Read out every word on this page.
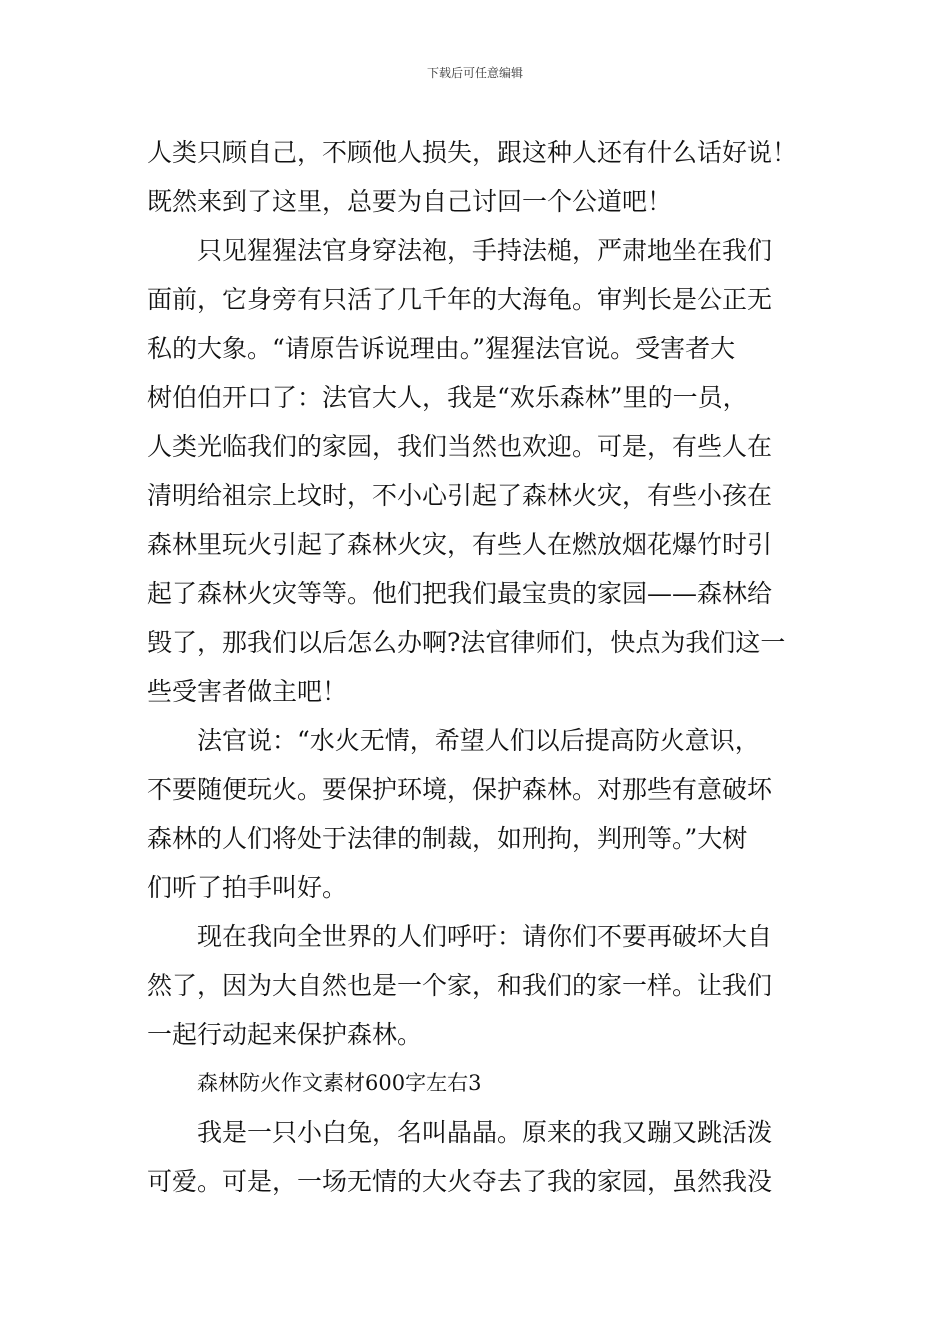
下载后可任意编辑
人类只顾自己，不顾他人损失，跟这种人还有什么话好说！
既然来到了这里，总要为自己讨回一个公道吧！
只见猩猩法官身穿法袍，手持法槌，严肃地坐在我们
面前，它身旁有只活了几千年的大海龟。审判长是公正无
私的大象。“请原告诉说理由。”猩猩法官说。受害者大
树伯伯开口了：法官大人，我是“欢乐森林”里的一员，
人类光临我们的家园，我们当然也欢迎。可是，有些人在
清明给祖宗上坟时，不小心引起了森林火灾，有些小孩在
森林里玩火引起了森林火灾，有些人在燃放烟花爆竹时引
起了森林火灾等等。他们把我们最宝贵的家园——森林给
毁了，那我们以后怎么办啊?法官律师们，快点为我们这一
些受害者做主吧！
法官说：“水火无情，希望人们以后提高防火意识，
不要随便玩火。要保护环境，保护森林。对那些有意破坏
森林的人们将处于法律的制裁，如刑拘，判刑等。”大树
们听了拍手叫好。
现在我向全世界的人们呼吁：请你们不要再破坏大自
然了，因为大自然也是一个家，和我们的家一样。让我们
一起行动起来保护森林。
森林防火作文素材600字左右3
我是一只小白兔，名叫晶晶。原来的我又蹦又跳活泼
可爱。可是，一场无情的大火夺去了我的家园，虽然我没
